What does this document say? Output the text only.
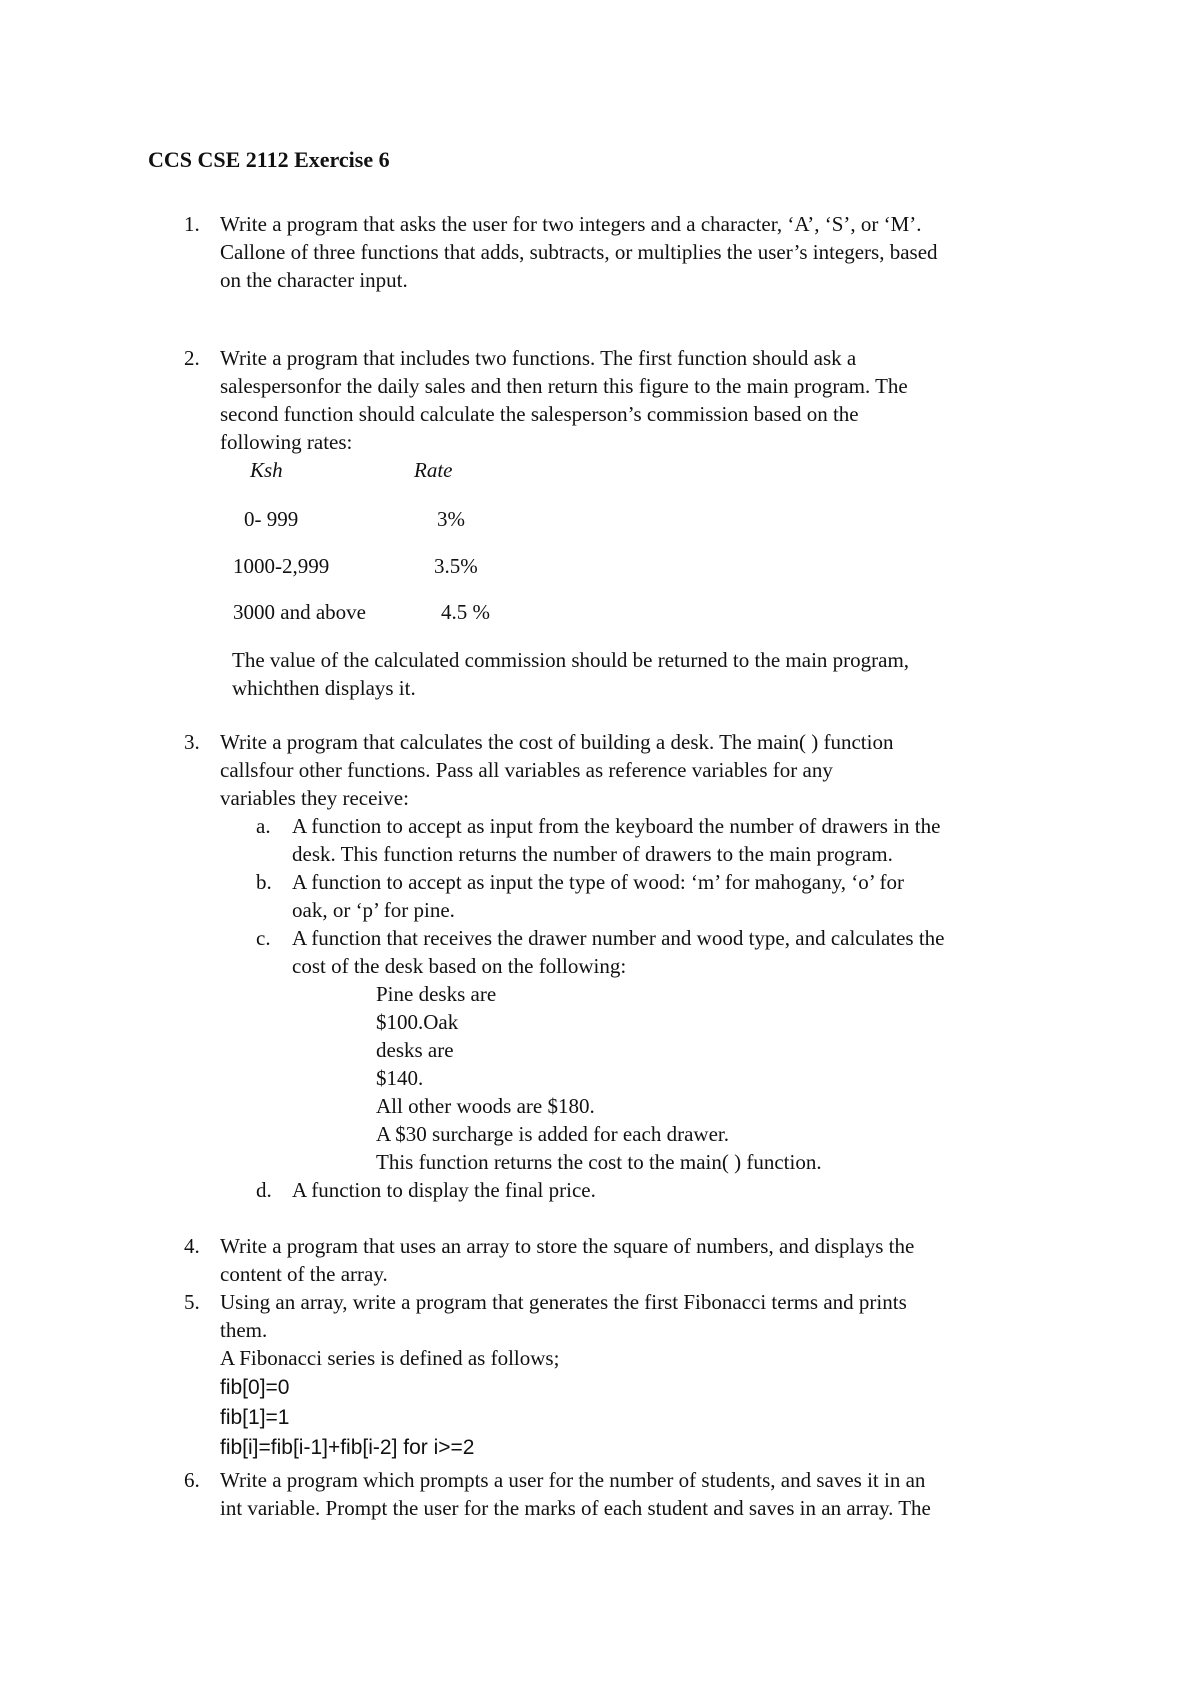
CCS CSE 2112 Exercise 6
1. Write a program that asks the user for two integers and a character, ‘A’, ‘S’, or ‘M’.
Callone of three functions that adds, subtracts, or multiplies the user’s integers, based
on the character input.
2. Write a program that includes two functions. The first function should ask a
salespersonfor the daily sales and then return this figure to the main program. The
second function should calculate the salesperson’s commission based on the
following rates:
Ksh	Rate
0- 999	3%
1000-2,999	3.5%
3000 and above	4.5 %
The value of the calculated commission should be returned to the main program,
whichthen displays it.
3. Write a program that calculates the cost of building a desk. The main( ) function
callsfour other functions. Pass all variables as reference variables for any
variables they receive:
a. A function to accept as input from the keyboard the number of drawers in the
desk. This function returns the number of drawers to the main program.
b. A function to accept as input the type of wood: ‘m’ for mahogany, ‘o’ for
oak, or ‘p’ for pine.
c. A function that receives the drawer number and wood type, and calculates the
cost of the desk based on the following:
Pine desks are
$100.Oak
desks are
$140.
All other woods are $180.
A $30 surcharge is added for each drawer.
This function returns the cost to the main( ) function.
d. A function to display the final price.
4. Write a program that uses an array to store the square of numbers, and displays the
content of the array.
5. Using an array, write a program that generates the first Fibonacci terms and prints
them.
A Fibonacci series is defined as follows;
fib[0]=0
fib[1]=1
fib[i]=fib[i-1]+fib[i-2] for i>=2
6. Write a program which prompts a user for the number of students, and saves it in an
int variable. Prompt the user for the marks of each student and saves in an array. The
